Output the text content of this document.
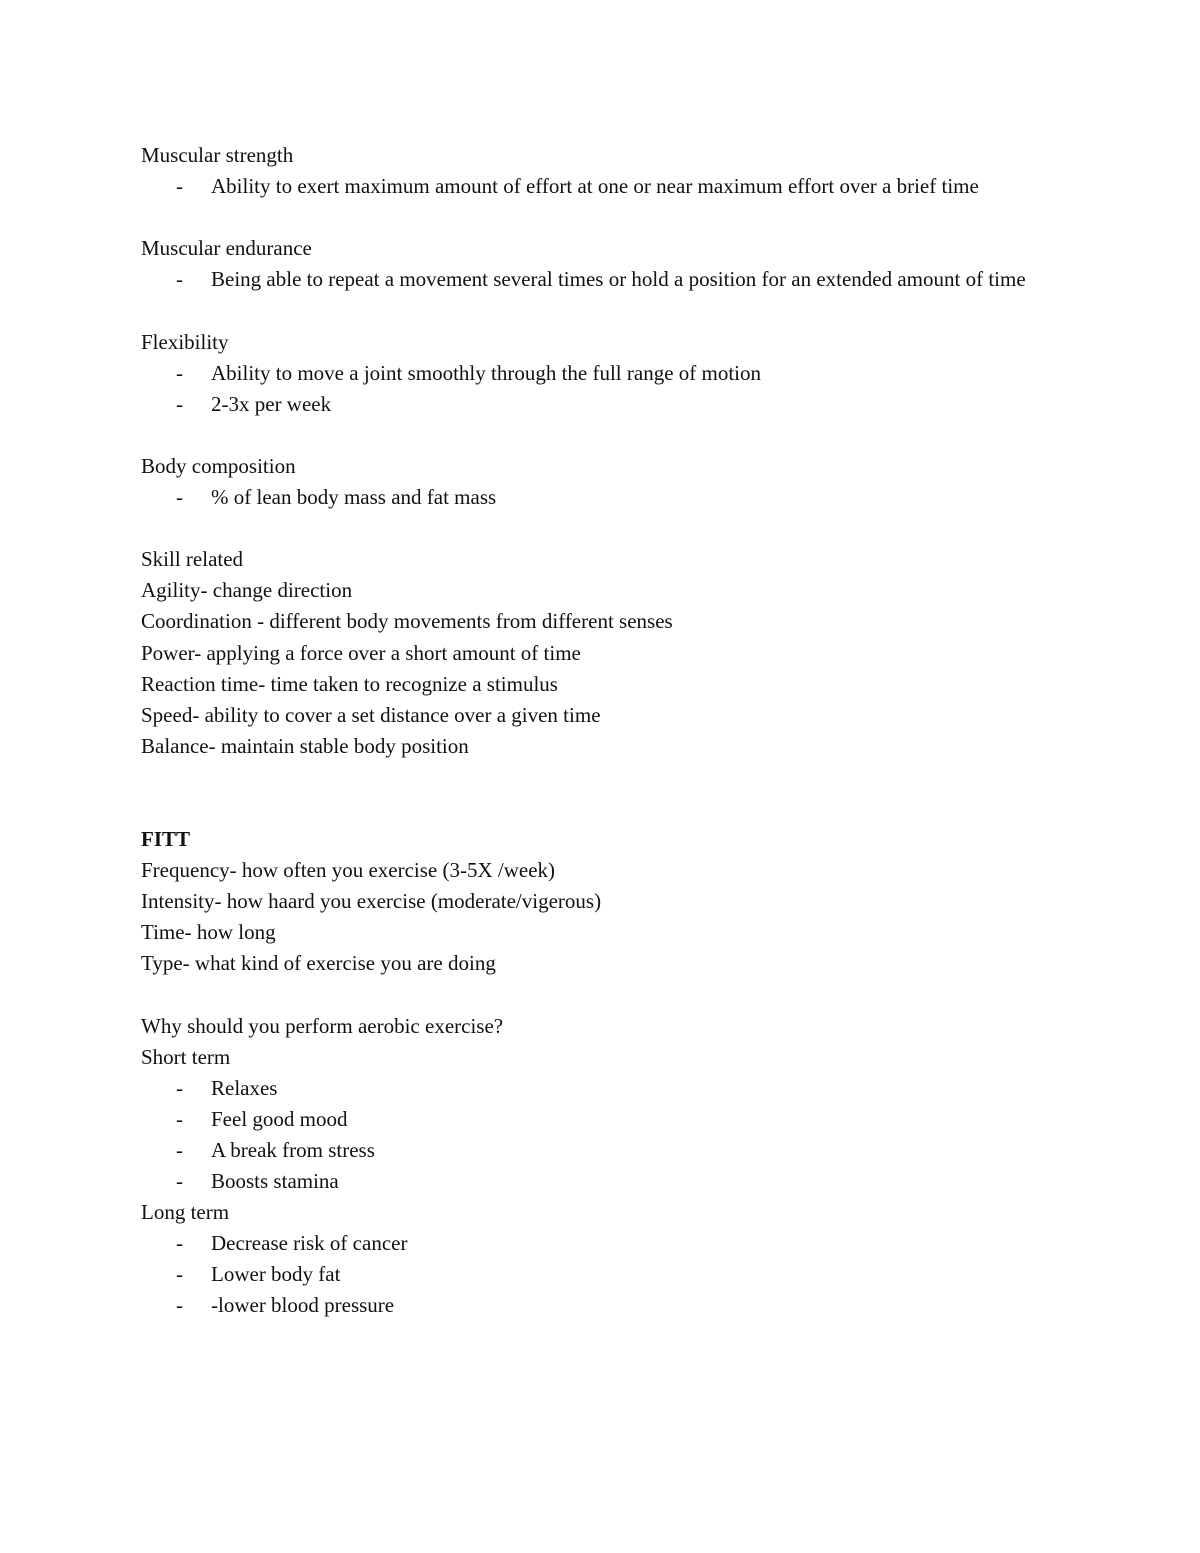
Muscular strength

- Ability to exert maximum amount of effort at one or near maximum effort over a brief time

Muscular endurance

- Being able to repeat a movement several times or hold a position for an extended amount of time

Flexibility

- Ability to move a joint smoothly through the full range of motion
- 2-3x per week

Body composition

- % of lean body mass and fat mass

Skill related

Agility- change direction

Coordination - different body movements from different senses

Power- applying a force over a short amount of time

Reaction time- time taken to recognize a stimulus

Speed- ability to cover a set distance over a given time

Balance- maintain stable body position

FITT

Frequency- how often you exercise (3-5X /week)

Intensity- how haard you exercise (moderate/vigerous)

Time- how long

Type- what kind of exercise you are doing

Why should you perform aerobic exercise?

Short term

- Relaxes
- Feel good mood
- A break from stress
- Boosts stamina

Long term

- Decrease risk of cancer
- Lower body fat
- -lower blood pressure
